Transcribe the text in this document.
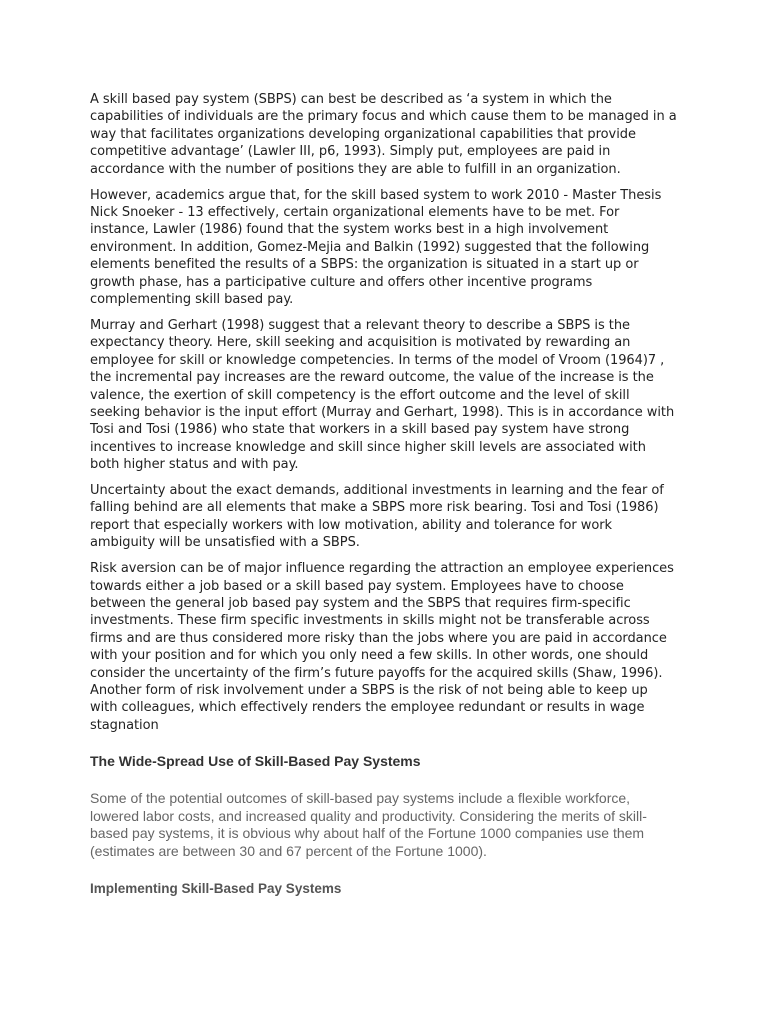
A skill based pay system (SBPS) can best be described as ‘a system in which the capabilities of individuals are the primary focus and which cause them to be managed in a way that facilitates organizations developing organizational capabilities that provide competitive advantage’ (Lawler III, p6, 1993). Simply put, employees are paid in accordance with the number of positions they are able to fulfill in an organization.

However, academics argue that, for the skill based system to work 2010 - Master Thesis Nick Snoeker - 13 effectively, certain organizational elements have to be met. For instance, Lawler (1986) found that the system works best in a high involvement environment. In addition, Gomez-Mejia and Balkin (1992) suggested that the following elements benefited the results of a SBPS: the organization is situated in a start up or growth phase, has a participative culture and offers other incentive programs complementing skill based pay.

Murray and Gerhart (1998) suggest that a relevant theory to describe a SBPS is the expectancy theory. Here, skill seeking and acquisition is motivated by rewarding an employee for skill or knowledge competencies. In terms of the model of Vroom (1964)7 , the incremental pay increases are the reward outcome, the value of the increase is the valence, the exertion of skill competency is the effort outcome and the level of skill seeking behavior is the input effort (Murray and Gerhart, 1998). This is in accordance with Tosi and Tosi (1986) who state that workers in a skill based pay system have strong incentives to increase knowledge and skill since higher skill levels are associated with both higher status and with pay.

Uncertainty about the exact demands, additional investments in learning and the fear of falling behind are all elements that make a SBPS more risk bearing. Tosi and Tosi (1986) report that especially workers with low motivation, ability and tolerance for work ambiguity will be unsatisfied with a SBPS.

Risk aversion can be of major influence regarding the attraction an employee experiences towards either a job based or a skill based pay system. Employees have to choose between the general job based pay system and the SBPS that requires firm-specific investments. These firm specific investments in skills might not be transferable across firms and are thus considered more risky than the jobs where you are paid in accordance with your position and for which you only need a few skills. In other words, one should consider the uncertainty of the firm’s future payoffs for the acquired skills (Shaw, 1996). Another form of risk involvement under a SBPS is the risk of not being able to keep up with colleagues, which effectively renders the employee redundant or results in wage stagnation

The Wide-Spread Use of Skill-Based Pay Systems

Some of the potential outcomes of skill-based pay systems include a flexible workforce, lowered labor costs, and increased quality and productivity. Considering the merits of skill-based pay systems, it is obvious why about half of the Fortune 1000 companies use them (estimates are between 30 and 67 percent of the Fortune 1000).

Implementing Skill-Based Pay Systems
